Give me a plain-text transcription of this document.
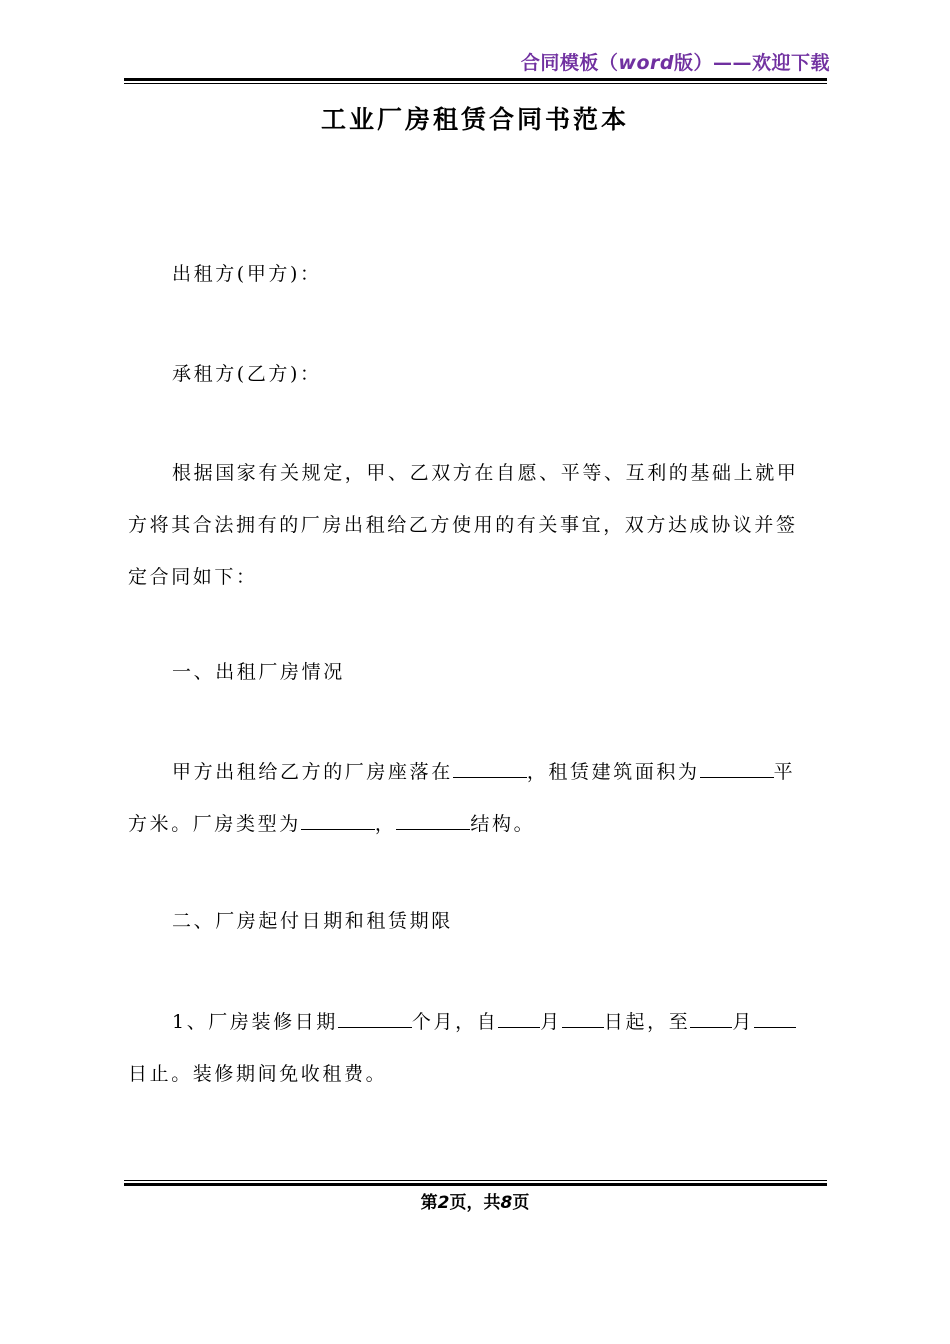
合同模板（word版）——欢迎下载
工业厂房租赁合同书范本
出租方(甲方)：
承租方(乙方)：
根据国家有关规定，甲、乙双方在自愿、平等、互利的基础上就甲
方将其合法拥有的厂房出租给乙方使用的有关事宜，双方达成协议并签
定合同如下：
一、出租厂房情况
甲方出租给乙方的厂房座落在	，租赁建筑面积为	平
方米。厂房类型为	，	结构。
二、厂房起付日期和租赁期限
1、厂房装修日期	个月，自 月 日起，至 月
日止。装修期间免收租费。
第2页，共8页
